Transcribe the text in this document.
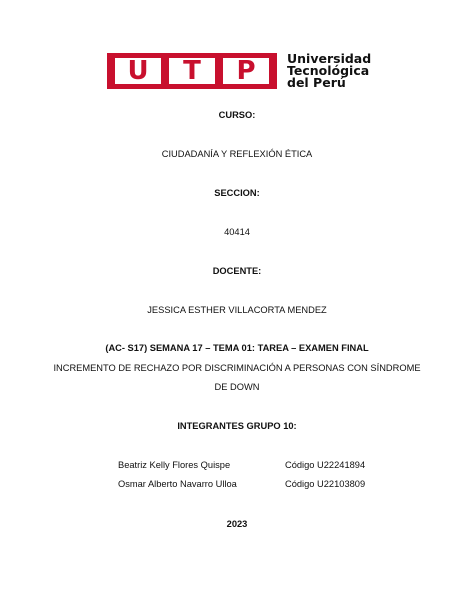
U	T	P	Universidad
Tecnológica
del Perú
CURSO:
CIUDADANÍA Y REFLEXIÓN ÉTICA
SECCION:
40414
DOCENTE:
JESSICA ESTHER VILLACORTA MENDEZ
(AC- S17) SEMANA 17 – TEMA 01: TAREA – EXAMEN FINAL
INCREMENTO DE RECHAZO POR DISCRIMINACIÓN A PERSONAS CON SÍNDROME
DE DOWN
INTEGRANTES GRUPO 10:
Beatriz Kelly Flores Quispe	Código U22241894
Osmar Alberto Navarro Ulloa	Código U22103809
2023
